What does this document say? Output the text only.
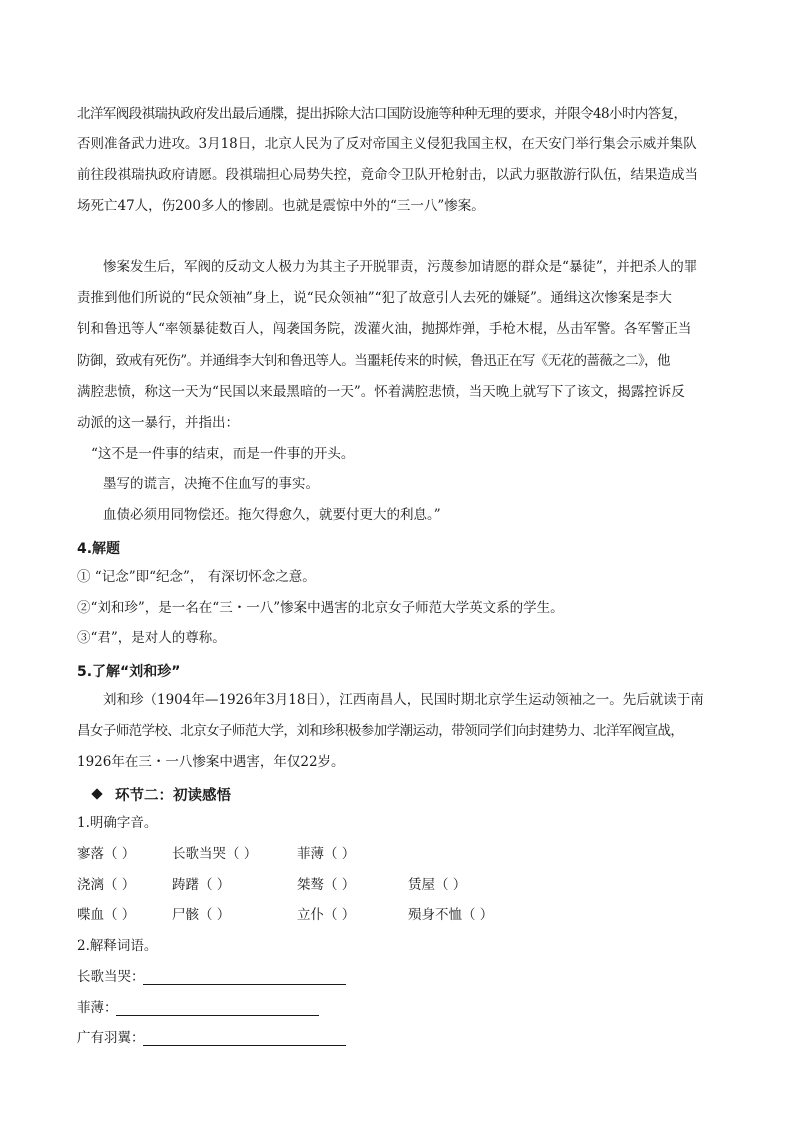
北洋军阀段祺瑞执政府发出最后通牒，提出拆除大沽口国防设施等种种无理的要求，并限令48小时内答复，
否则准备武力进攻。3月18日，北京人民为了反对帝国主义侵犯我国主权，在天安门举行集会示威并集队
前往段祺瑞执政府请愿。段祺瑞担心局势失控，竟命令卫队开枪射击，以武力驱散游行队伍，结果造成当
场死亡47人，伤200多人的惨剧。也就是震惊中外的“三一八”惨案。
惨案发生后，军阀的反动文人极力为其主子开脱罪责，污蔑参加请愿的群众是“暴徒”，并把杀人的罪
责推到他们所说的“民众领袖”身上，说“民众领袖”“犯了故意引人去死的嫌疑”。通缉这次惨案是李大
钊和鲁迅等人“率领暴徒数百人，闯袭国务院，泼灌火油，抛掷炸弹，手枪木棍，丛击军警。各军警正当
防御，致戒有死伤”。并通缉李大钊和鲁迅等人。当噩耗传来的时候，鲁迅正在写《无花的蔷薇之二》，他
满腔悲愤，称这一天为“民国以来最黑暗的一天”。怀着满腔悲愤，当天晚上就写下了该文，揭露控诉反
动派的这一暴行，并指出：
“这不是一件事的结束，而是一件事的开头。
墨写的谎言，决掩不住血写的事实。
血债必须用同物偿还。拖欠得愈久，就要付更大的利息。”
4.解题
① “记念”即“纪念”， 有深切怀念之意。
②“刘和珍”，是一名在“三・一八”惨案中遇害的北京女子师范大学英文系的学生。
③“君”，是对人的尊称。
5.了解“刘和珍”
刘和珍（1904年—1926年3月18日），江西南昌人，民国时期北京学生运动领袖之一。先后就读于南
昌女子师范学校、北京女子师范大学，刘和珍积极参加学潮运动，带领同学们向封建势力、北洋军阀宣战，
1926年在三・一八惨案中遇害，年仅22岁。
环节二：初读感悟
1.明确字音。
寥落（ ）	长歌当哭（ ）	菲薄（ ）
浇漓（ ）	踌躇（ ）	桀骜（ ）	赁屋（ ）
喋血（ ）	尸骸（ ）	立仆（ ）	殒身不恤（ ）
2.解释词语。
长歌当哭：
菲薄：
广有羽翼：
